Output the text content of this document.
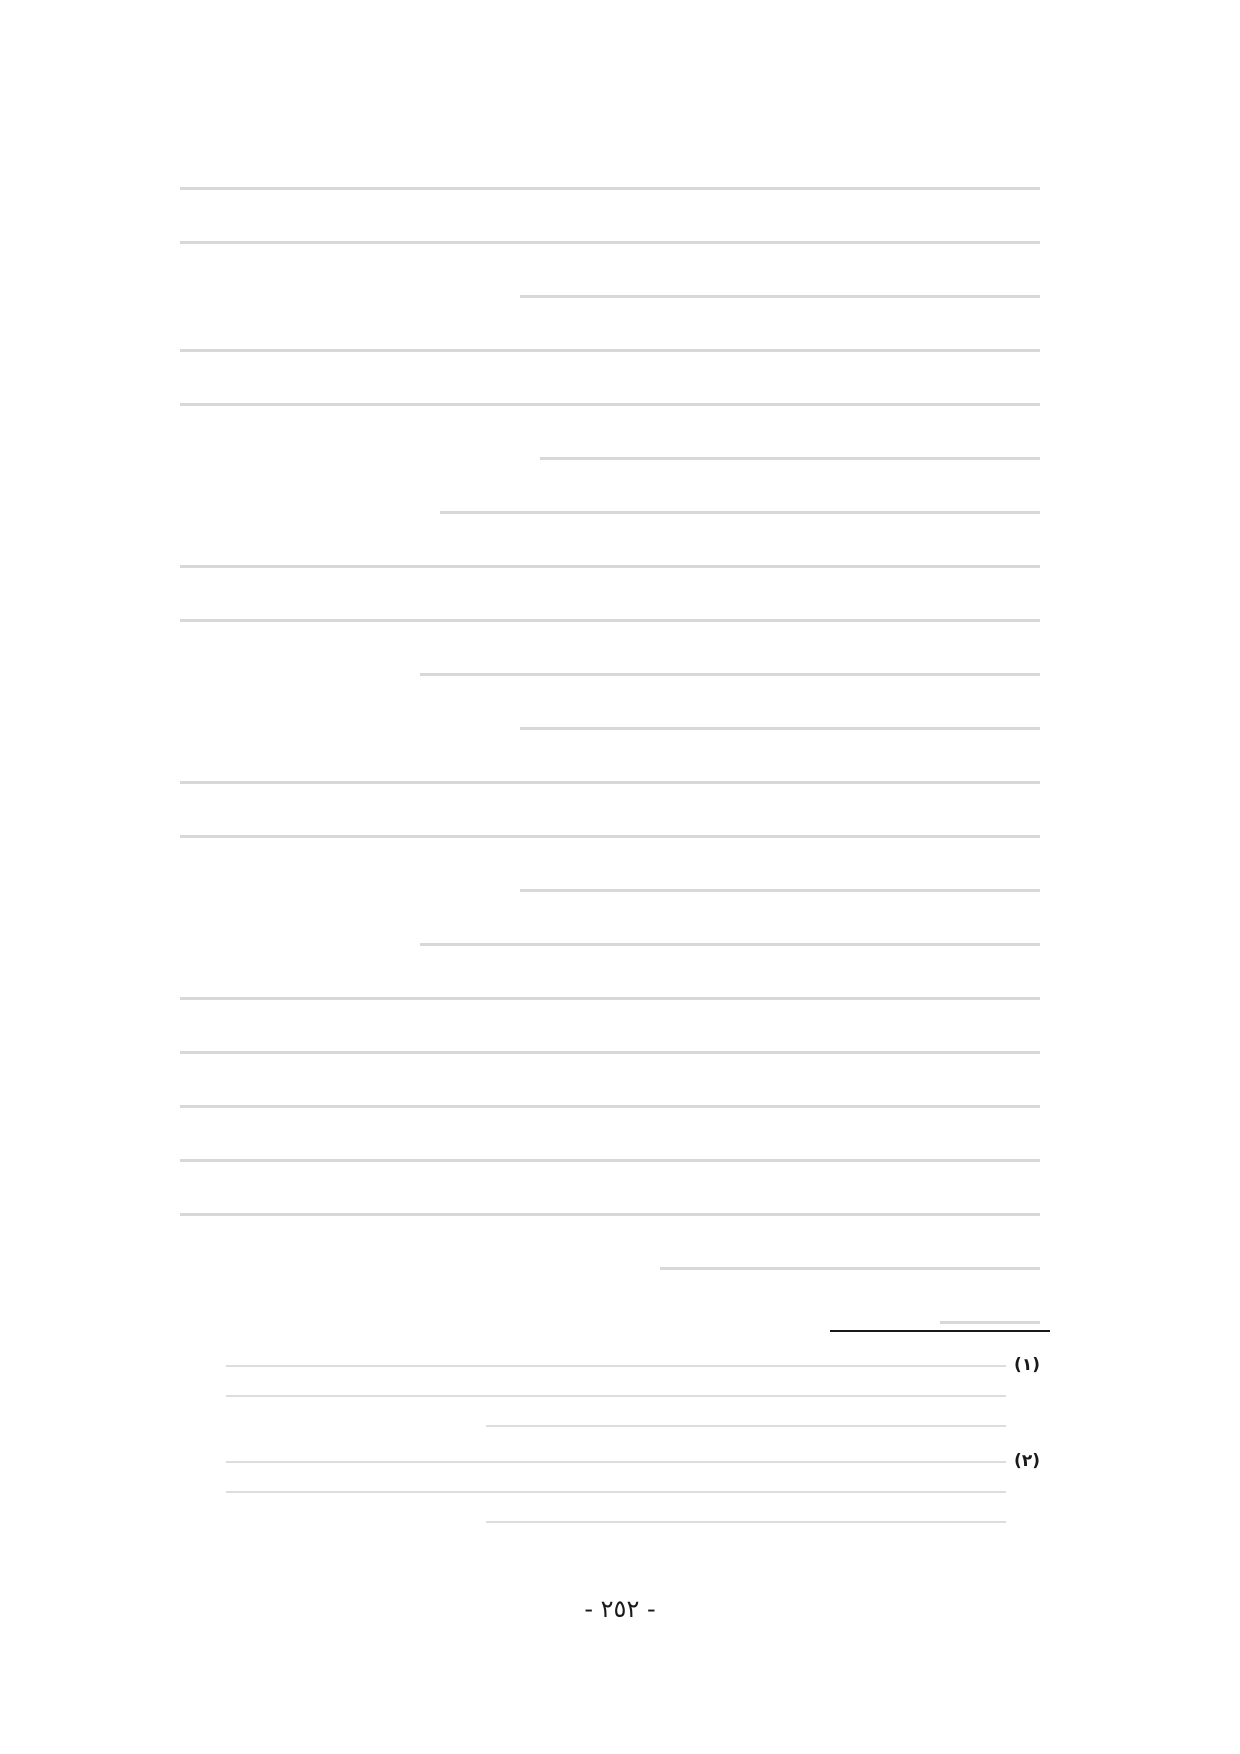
(١)
(٢)
- ٢٥٢ -
